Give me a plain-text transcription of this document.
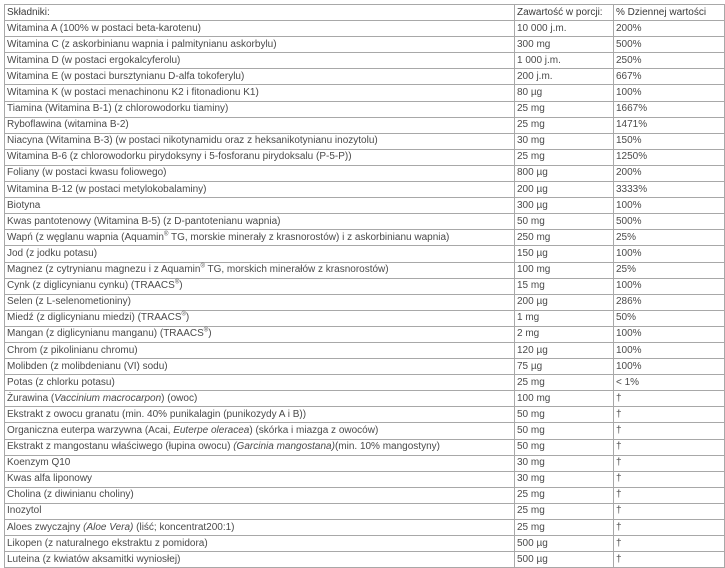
Składniki:	Zawartość w porcji:	% Dziennej wartości
Witamina A (100% w postaci beta-karotenu)	10 000 j.m.	200%
Witamina C (z askorbinianu wapnia i palmitynianu askorbylu)	300 mg	500%
Witamina D (w postaci ergokalcyferolu)	1 000 j.m.	250%
Witamina E (w postaci bursztynianu D-alfa tokoferylu)	200 j.m.	667%
Witamina K (w postaci menachinonu K2 i fitonadionu K1)	80 µg	100%
Tiamina (Witamina B-1) (z chlorowodorku tiaminy)	25 mg	1667%
Ryboflawina (witamina B-2)	25 mg	1471%
Niacyna (Witamina B-3) (w postaci nikotynamidu oraz z heksanikotynianu inozytolu)	30 mg	150%
Witamina B-6 (z chlorowodorku pirydoksyny i 5-fosforanu pirydoksalu (P-5-P))	25 mg	1250%
Foliany (w postaci kwasu foliowego)	800 µg	200%
Witamina B-12 (w postaci metylokobalaminy)	200 µg	3333%
Biotyna	300 µg	100%
Kwas pantotenowy (Witamina B-5) (z D-pantotenianu wapnia)	50 mg	500%
Wapń (z węglanu wapnia (Aquamin® TG, morskie minerały z krasnorostów) i z askorbinianu wapnia)	250 mg	25%
Jod (z jodku potasu)	150 µg	100%
Magnez (z cytrynianu magnezu i z Aquamin® TG, morskich minerałów z krasnorostów)	100 mg	25%
Cynk (z diglicynianu cynku) (TRAACS®)	15 mg	100%
Selen (z L-selenometioniny)	200 µg	286%
Miedź (z diglicynianu miedzi) (TRAACS®)	1 mg	50%
Mangan (z diglicynianu manganu) (TRAACS®)	2 mg	100%
Chrom (z pikolinianu chromu)	120 µg	100%
Molibden (z molibdenianu (VI) sodu)	75 µg	100%
Potas (z chlorku potasu)	25 mg	< 1%
Żurawina (Vaccinium macrocarpon) (owoc)	100 mg	†
Ekstrakt z owocu granatu (min. 40% punikalagin (punikozydy A i B))	50 mg	†
Organiczna euterpa warzywna (Acai, Euterpe oleracea) (skórka i miazga z owoców)	50 mg	†
Ekstrakt z mangostanu właściwego (łupina owocu) (Garcinia mangostana)(min. 10% mangostyny)	50 mg	†
Koenzym Q10	30 mg	†
Kwas alfa liponowy	30 mg	†
Cholina (z diwinianu choliny)	25 mg	†
Inozytol	25 mg	†
Aloes zwyczajny (Aloe Vera) (liść; koncentrat200:1)	25 mg	†
Likopen (z naturalnego ekstraktu z pomidora)	500 µg	†
Luteina (z kwiatów aksamitki wyniosłej)	500 µg	†
